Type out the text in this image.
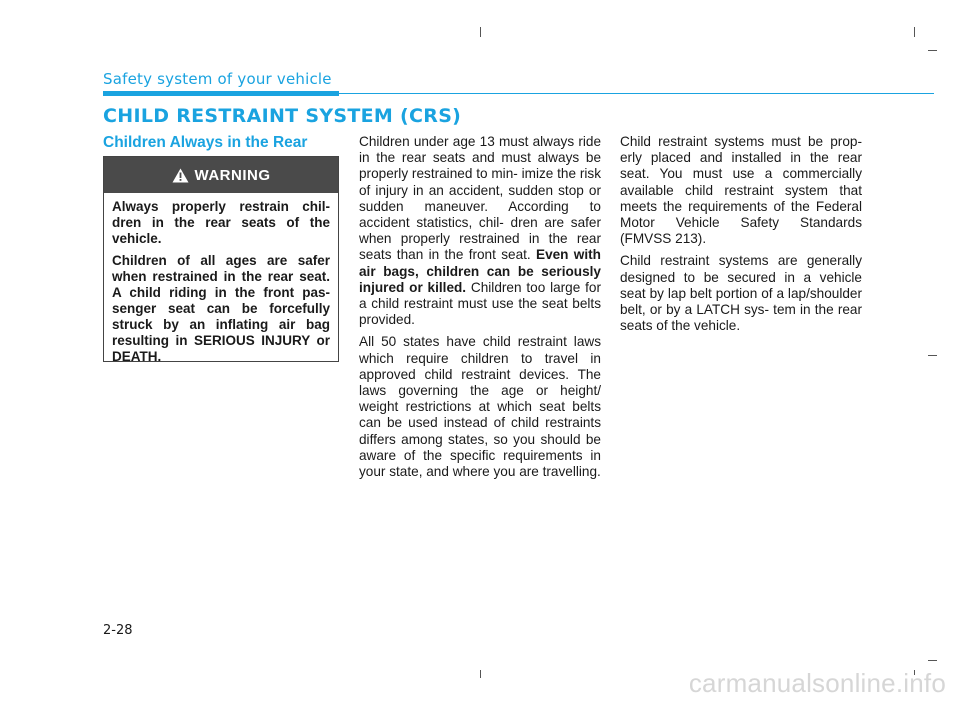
Safety system of your vehicle
CHILD RESTRAINT SYSTEM (CRS)
Children Always in the Rear
WARNING

Always properly restrain chil- dren in the rear seats of the vehicle.

Children of all ages are safer when restrained in the rear seat. A child riding in the front pas- senger seat can be forcefully struck by an inflating air bag resulting in SERIOUS INJURY or DEATH.

Children under age 13 must always ride in the rear seats and must always be properly restrained to min- imize the risk of injury in an accident, sudden stop or sudden maneuver. According to accident statistics, chil- dren are safer when properly restrained in the rear seats than in the front seat. Even with air bags, children can be seriously injured or killed. Children too large for a child restraint must use the seat belts provided.

All 50 states have child restraint laws which require children to travel in approved child restraint devices. The laws governing the age or height/ weight restrictions at which seat belts can be used instead of child restraints differs among states, so you should be aware of the specific requirements in your state, and where you are travelling.

Child restraint systems must be prop- erly placed and installed in the rear seat. You must use a commercially available child restraint system that meets the requirements of the Federal Motor Vehicle Safety Standards (FMVSS 213).

Child restraint systems are generally designed to be secured in a vehicle seat by lap belt portion of a lap/shoulder belt, or by a LATCH sys- tem in the rear seats of the vehicle.

2-28
carmanualsonline.info
